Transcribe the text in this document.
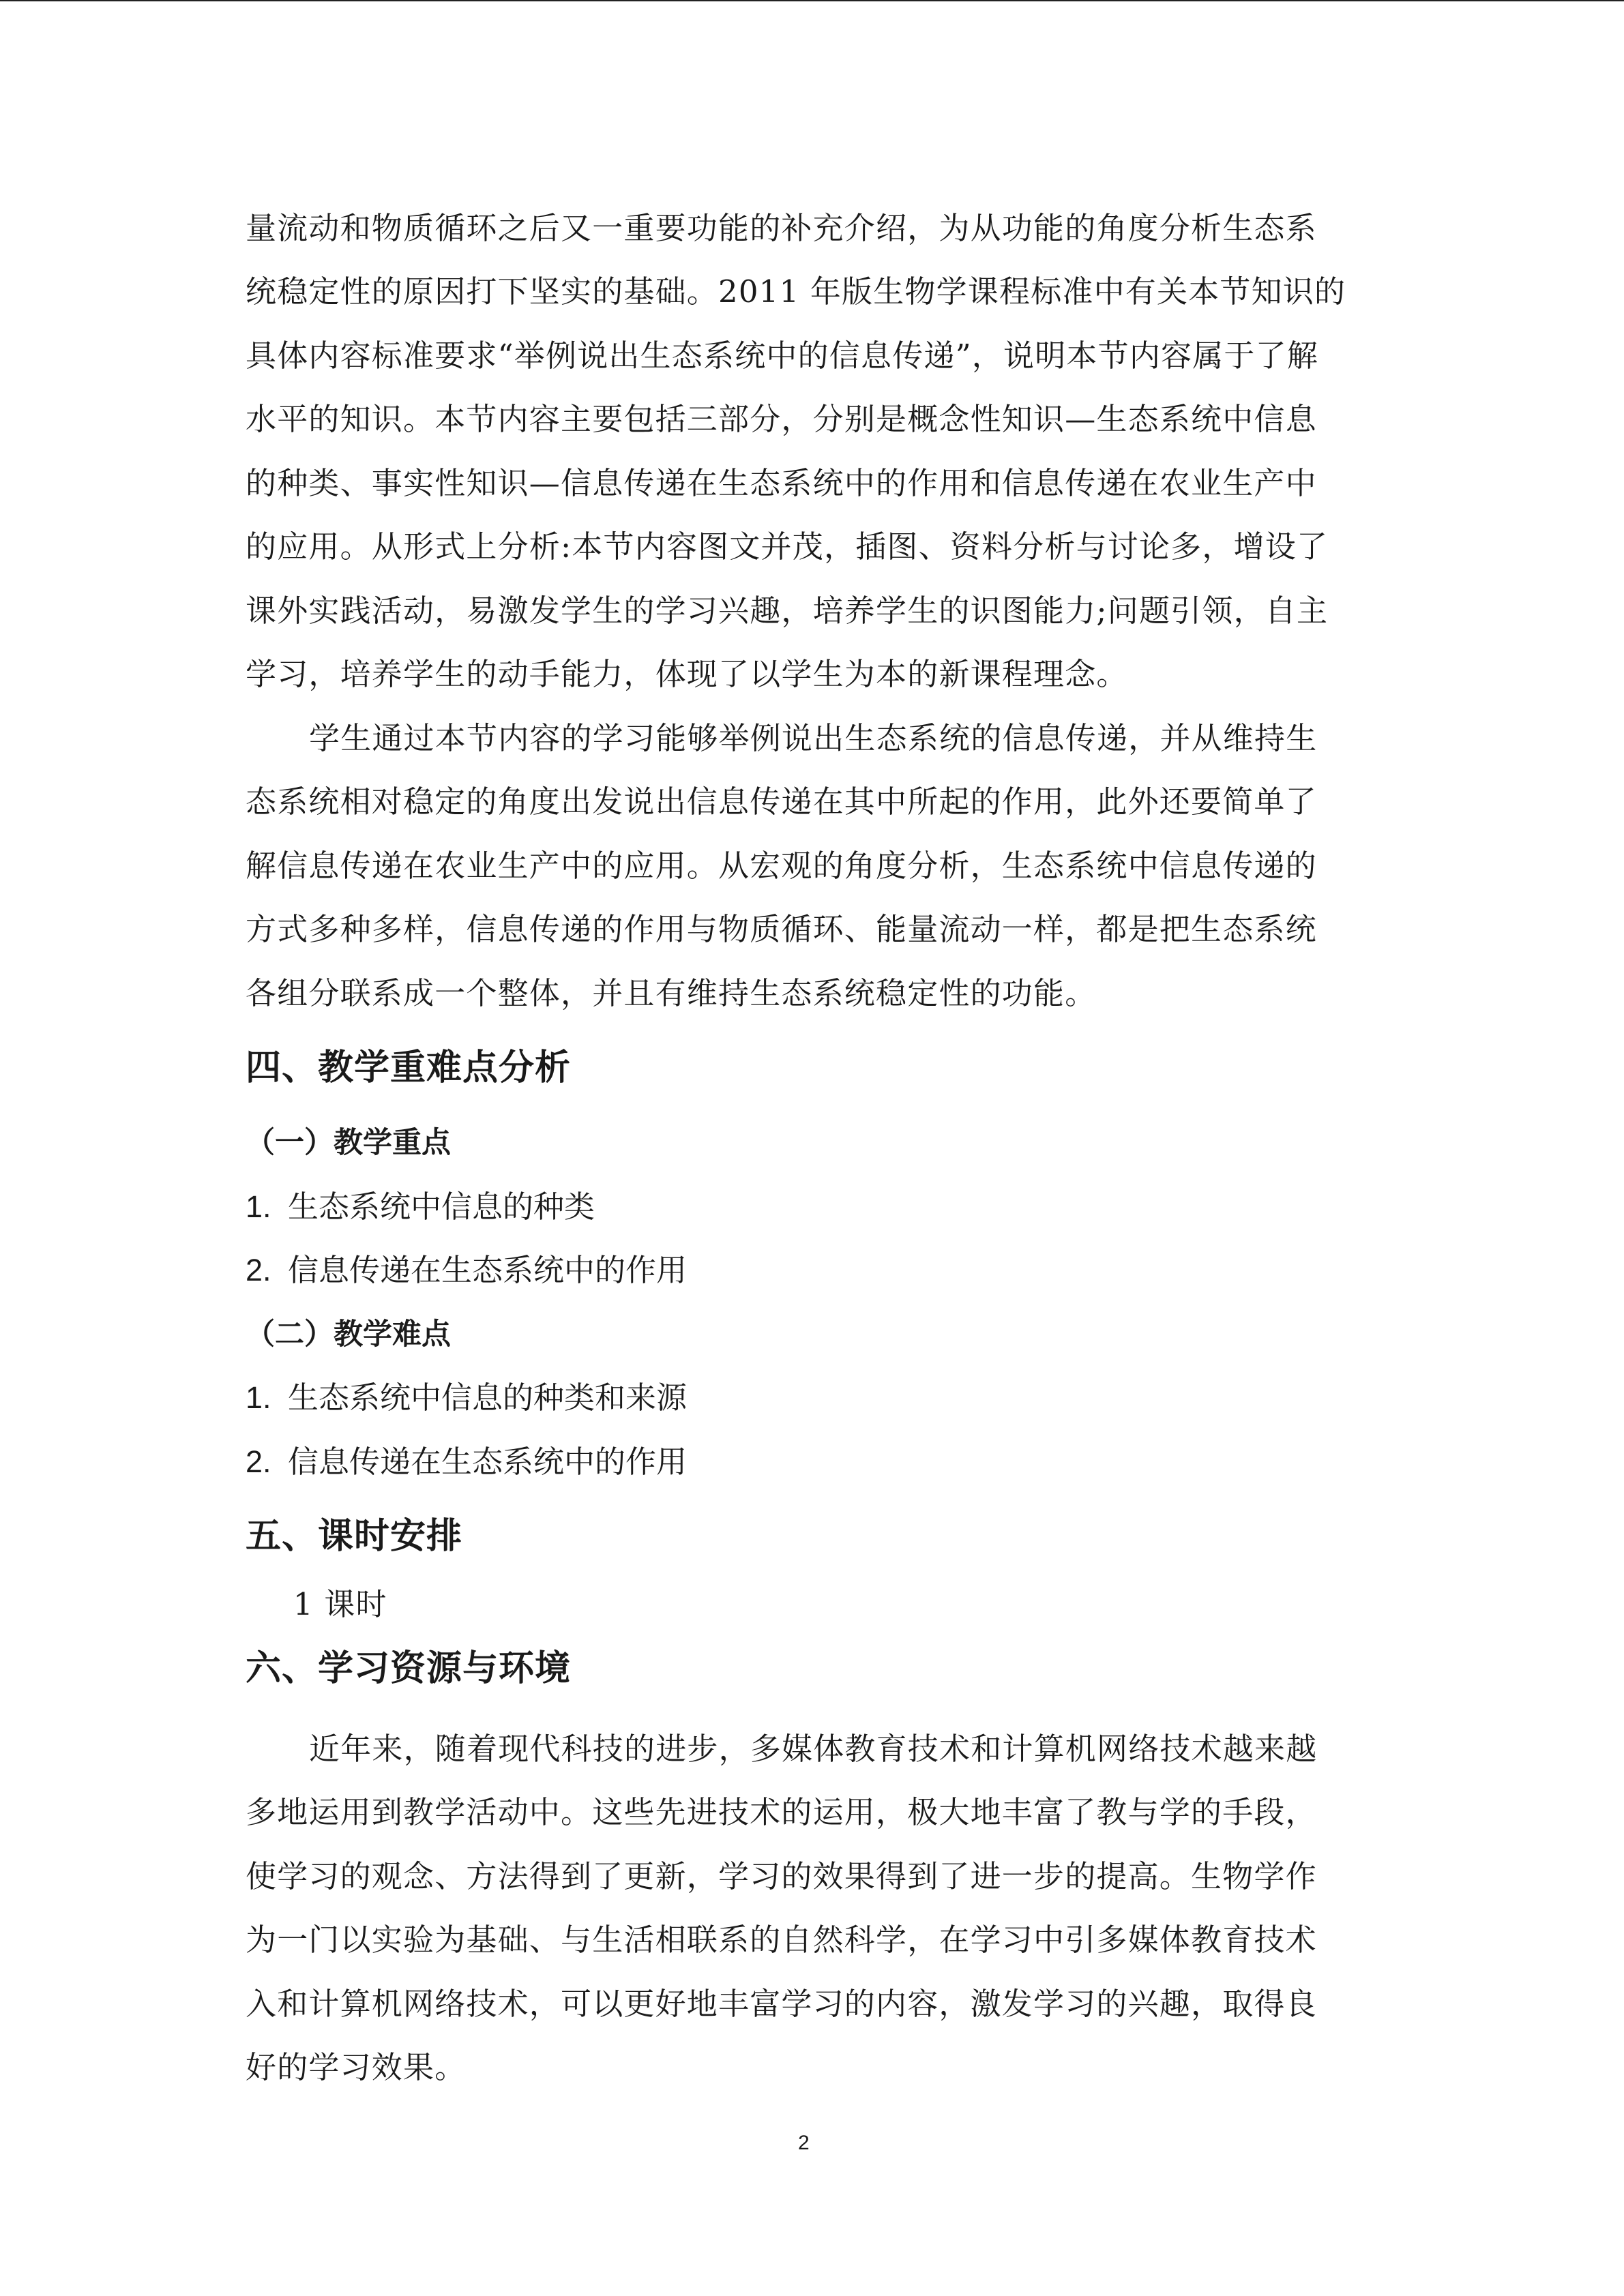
量流动和物质循环之后又一重要功能的补充介绍，为从功能的角度分析生态系
统稳定性的原因打下坚实的基础。2011 年版生物学课程标准中有关本节知识的
具体内容标准要求“举例说出生态系统中的信息传递”，说明本节内容属于了解
水平的知识。本节内容主要包括三部分，分别是概念性知识—生态系统中信息
的种类、事实性知识—信息传递在生态系统中的作用和信息传递在农业生产中
的应用。从形式上分析:本节内容图文并茂，插图、资料分析与讨论多，增设了
课外实践活动，易激发学生的学习兴趣，培养学生的识图能力;问题引领，自主
学习，培养学生的动手能力，体现了以学生为本的新课程理念。
学生通过本节内容的学习能够举例说出生态系统的信息传递，并从维持生
态系统相对稳定的角度出发说出信息传递在其中所起的作用，此外还要简单了
解信息传递在农业生产中的应用。从宏观的角度分析，生态系统中信息传递的
方式多种多样，信息传递的作用与物质循环、能量流动一样，都是把生态系统
各组分联系成一个整体，并且有维持生态系统稳定性的功能。
四、教学重难点分析
（一）教学重点
1. 生态系统中信息的种类
2. 信息传递在生态系统中的作用
（二）教学难点
1. 生态系统中信息的种类和来源
2. 信息传递在生态系统中的作用
五、课时安排
1 课时
六、学习资源与环境
近年来，随着现代科技的进步，多媒体教育技术和计算机网络技术越来越
多地运用到教学活动中。这些先进技术的运用，极大地丰富了教与学的手段，
使学习的观念、方法得到了更新，学习的效果得到了进一步的提高。生物学作
为一门以实验为基础、与生活相联系的自然科学，在学习中引多媒体教育技术
入和计算机网络技术，可以更好地丰富学习的内容，激发学习的兴趣，取得良
好的学习效果。
2
